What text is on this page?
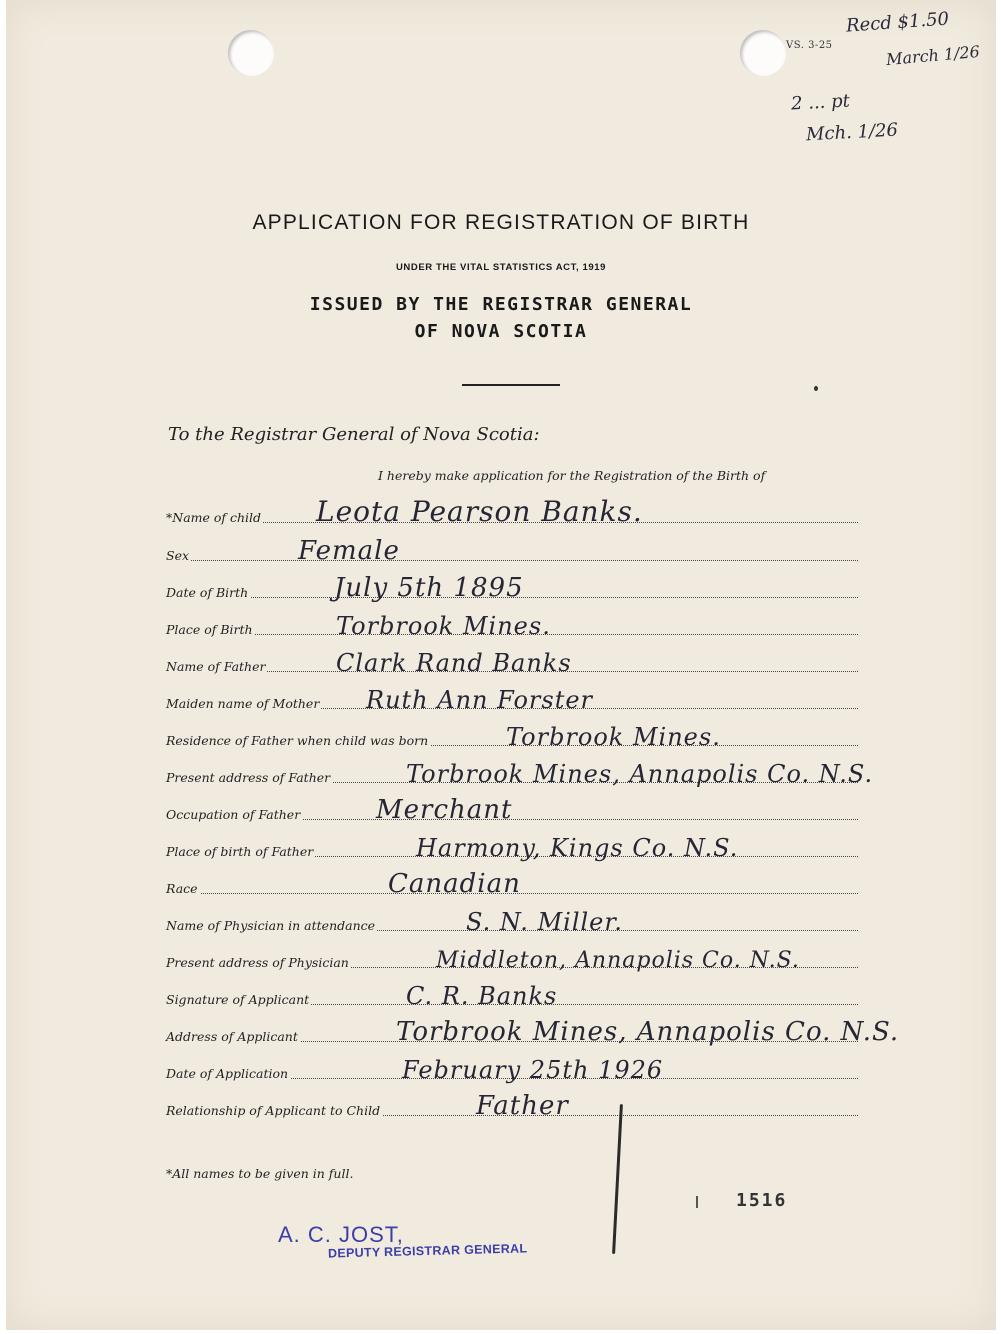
VS. 3-25
Recd $1.50
March 1/26
2 ... pt
Mch. 1/26
APPLICATION FOR REGISTRATION OF BIRTH
UNDER THE VITAL STATISTICS ACT, 1919
ISSUED BY THE REGISTRAR GENERAL
OF NOVA SCOTIA
To the Registrar General of Nova Scotia:
I hereby make application for the Registration of the Birth of
*Name of child Leota Pearson Banks.
Sex	Female
Date of Birth	July 5th 1895
Place of Birth	Torbrook Mines.
Name of Father	Clark Rand Banks
Maiden name of Mother Ruth Ann Forster
Residence of Father when child was born	Torbrook Mines.
Present address of Father	Torbrook Mines, Annapolis Co. N.S.
Occupation of Father	Merchant
Place of birth of Father	Harmony, Kings Co. N.S.
Race	Canadian
Name of Physician in attendance	S. N. Miller.
Present address of Physician	Middleton, Annapolis Co. N.S.
Signature of Applicant	C. R. Banks
Address of Applicant	Torbrook Mines, Annapolis Co. N.S.
Date of Application	February 25th 1926
Relationship of Applicant to Child	Father
*All names to be given in full.
1516
A. C. JOST,
DEPUTY REGISTRAR GENERAL
